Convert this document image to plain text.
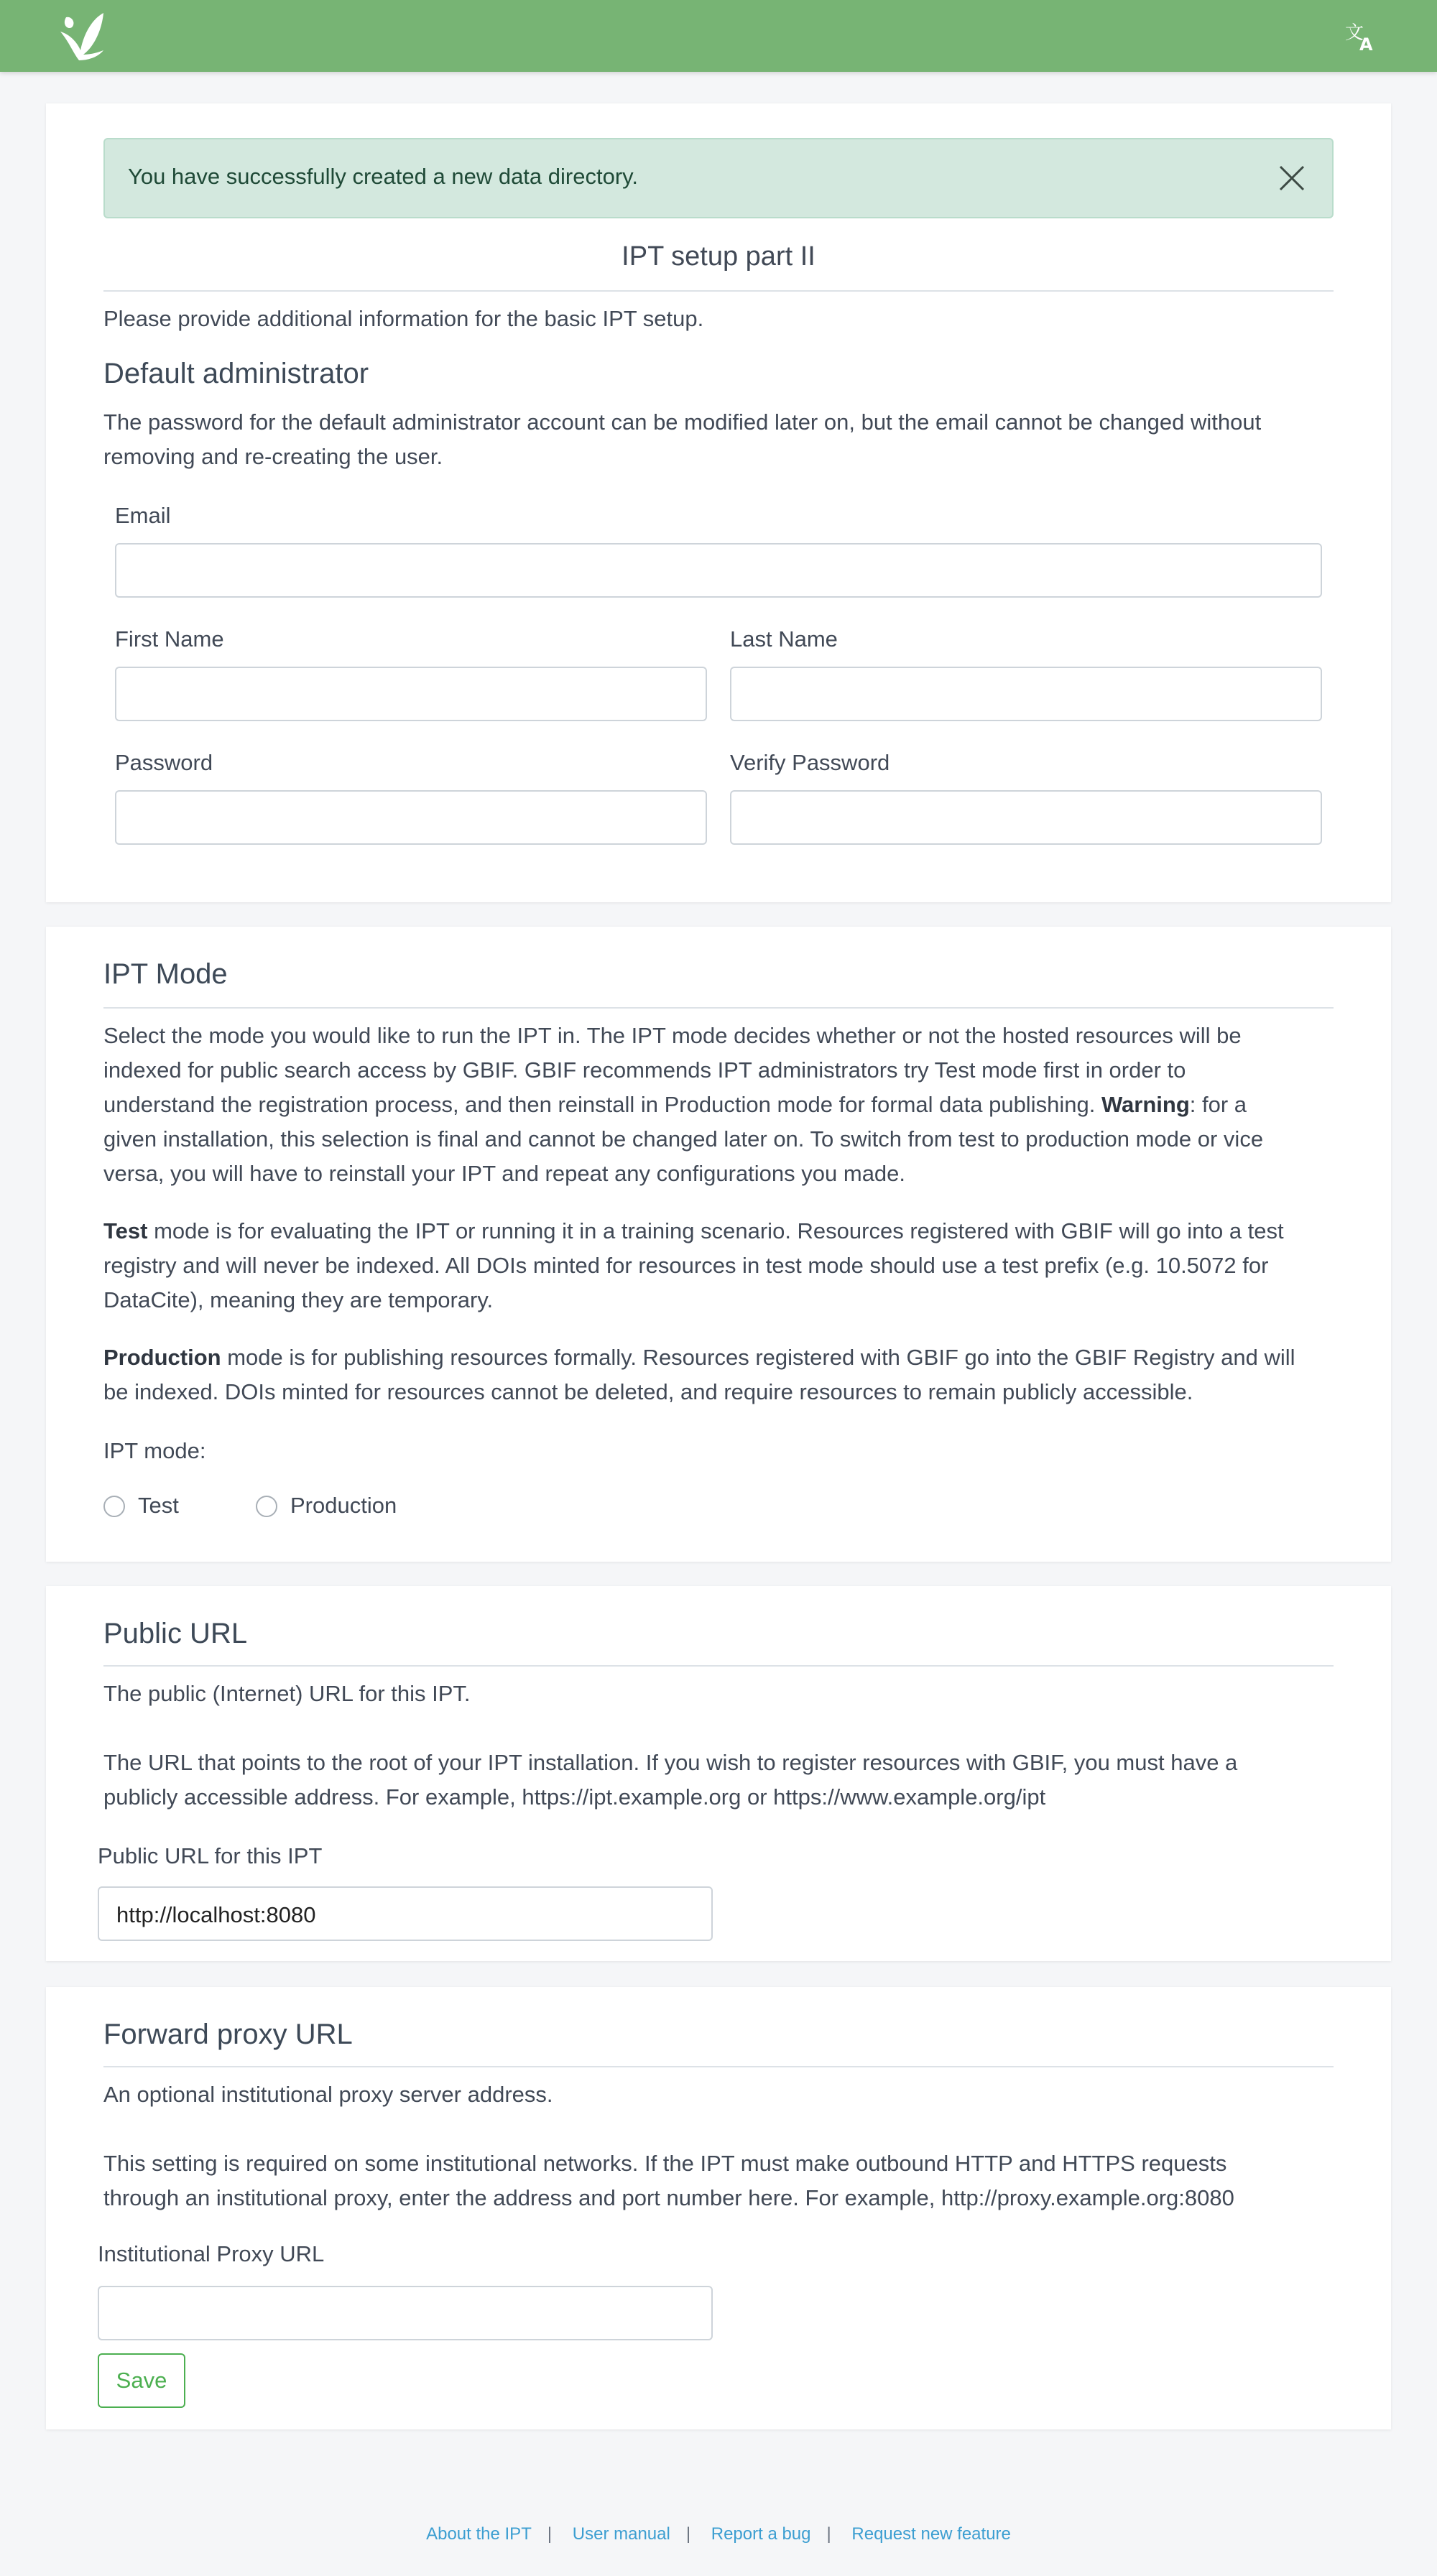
文
A
You have successfully created a new data directory.
IPT setup part II
Please provide additional information for the basic IPT setup.
Default administrator
The password for the default administrator account can be modified later on, but the email cannot be changed without
removing and re-creating the user.
Email
First Name	Last Name
Password	Verify Password
IPT Mode
Select the mode you would like to run the IPT in. The IPT mode decides whether or not the hosted resources will be
indexed for public search access by GBIF. GBIF recommends IPT administrators try Test mode first in order to
understand the registration process, and then reinstall in Production mode for formal data publishing. Warning: for a
given installation, this selection is final and cannot be changed later on. To switch from test to production mode or vice
versa, you will have to reinstall your IPT and repeat any configurations you made.
Test mode is for evaluating the IPT or running it in a training scenario. Resources registered with GBIF will go into a test
registry and will never be indexed. All DOIs minted for resources in test mode should use a test prefix (e.g. 10.5072 for
DataCite), meaning they are temporary.
Production mode is for publishing resources formally. Resources registered with GBIF go into the GBIF Registry and will
be indexed. DOIs minted for resources cannot be deleted, and require resources to remain publicly accessible.
IPT mode:
Test	Production
Public URL
The public (Internet) URL for this IPT.
The URL that points to the root of your IPT installation. If you wish to register resources with GBIF, you must have a
publicly accessible address. For example, https://ipt.example.org or https://www.example.org/ipt
Public URL for this IPT
http://localhost:8080
Forward proxy URL
An optional institutional proxy server address.
This setting is required on some institutional networks. If the IPT must make outbound HTTP and HTTPS requests
through an institutional proxy, enter the address and port number here. For example, http://proxy.example.org:8080
Institutional Proxy URL
Save
About the IPT | User manual | Report a bug | Request new feature
